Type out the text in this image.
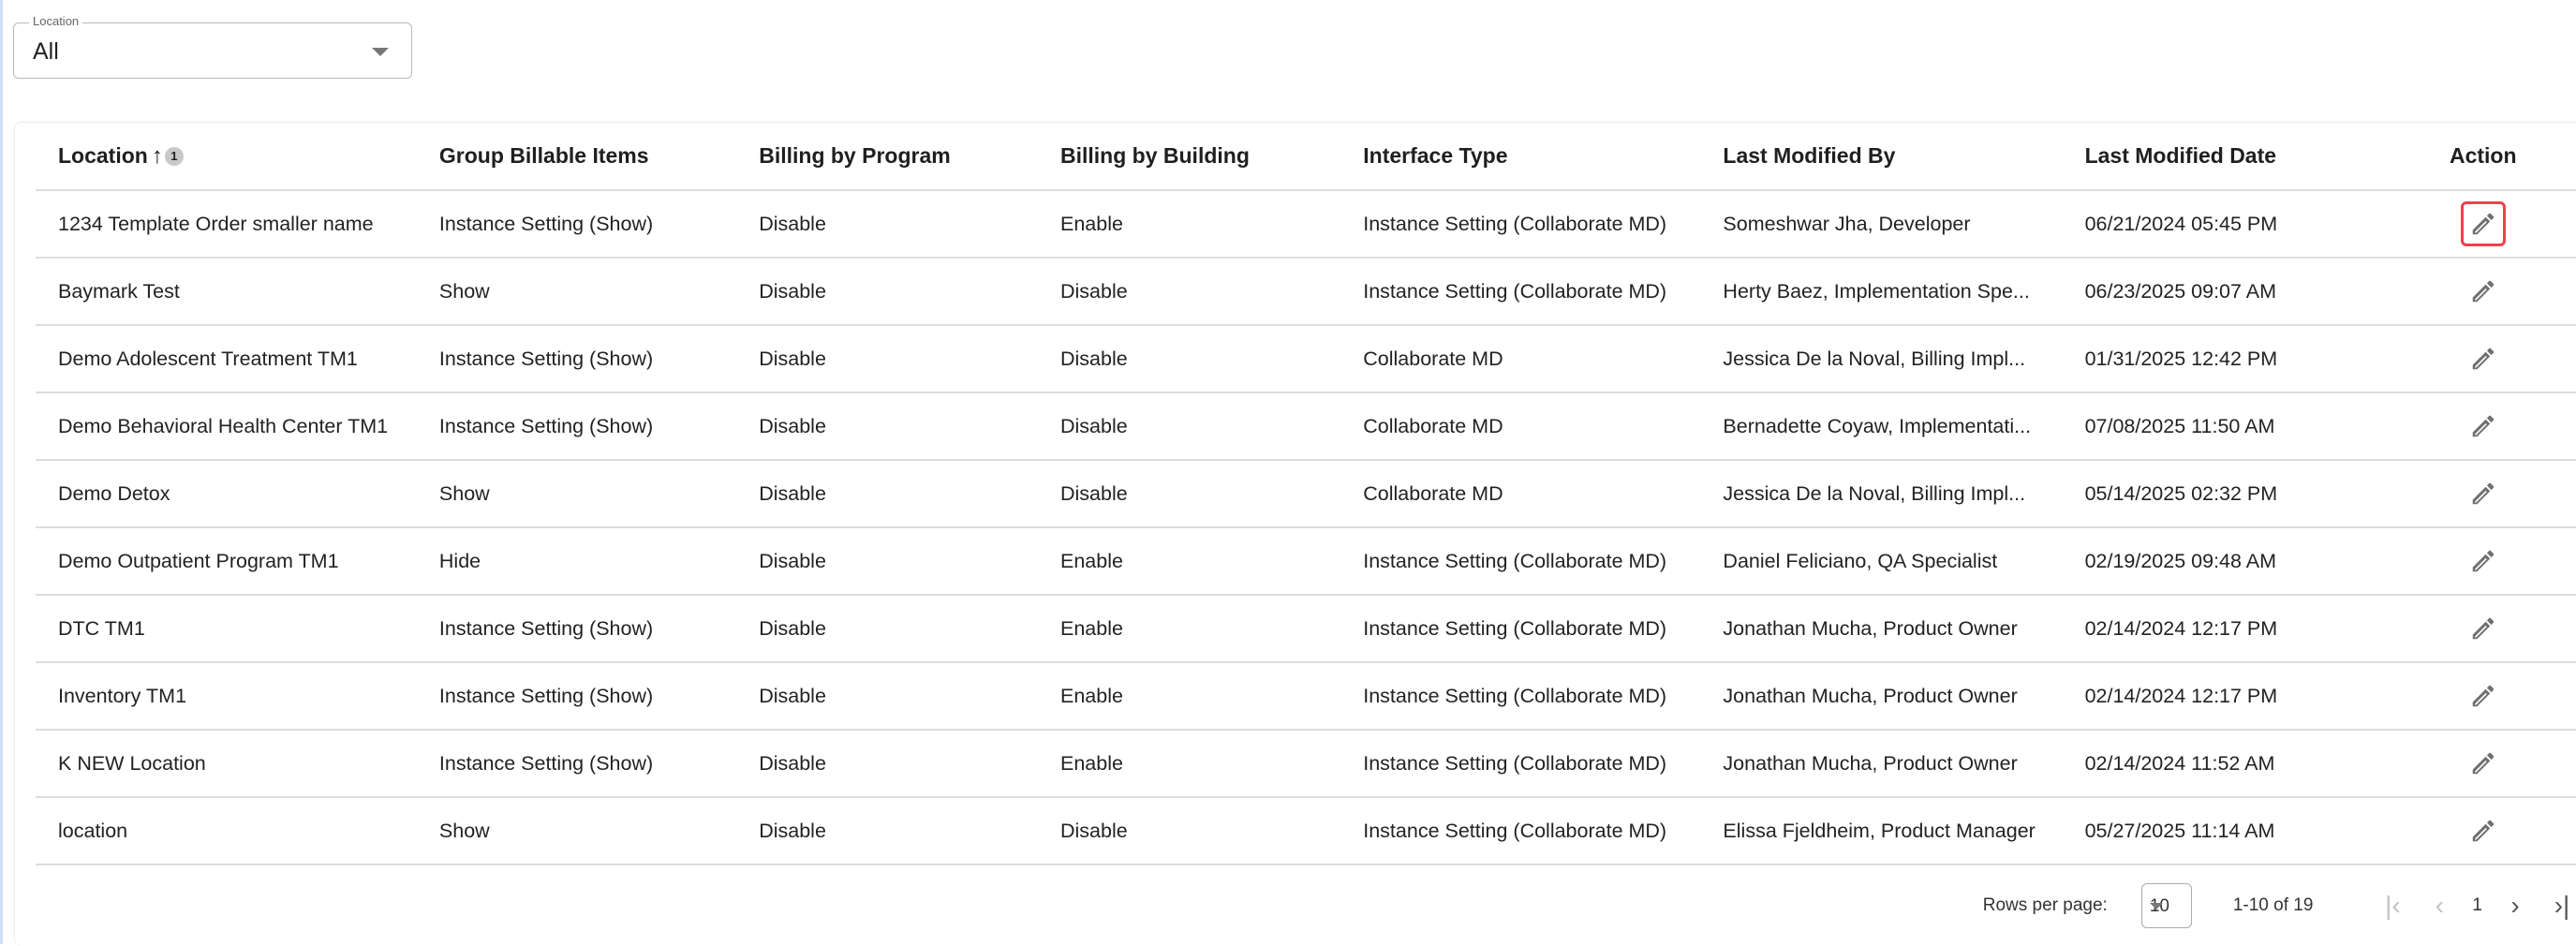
Location
All
Location ↑ 1	Group Billable Items	Billing by Program	Billing by Building	Interface Type	Last Modified By	Last Modified Date	Action
1234 Template Order smaller name	Instance Setting (Show)	Disable	Enable	Instance Setting (Collaborate MD)	Someshwar Jha, Developer	06/21/2024 05:45 PM	

Baymark Test	Show	Disable	Disable	Instance Setting (Collaborate MD)	Herty Baez, Implementation Spe...	06/23/2025 09:07 AM	

Demo Adolescent Treatment TM1	Instance Setting (Show)	Disable	Disable	Collaborate MD	Jessica De la Noval, Billing Impl...	01/31/2025 12:42 PM	

Demo Behavioral Health Center TM1	Instance Setting (Show)	Disable	Disable	Collaborate MD	Bernadette Coyaw, Implementati...	07/08/2025 11:50 AM	

Demo Detox	Show	Disable	Disable	Collaborate MD	Jessica De la Noval, Billing Impl...	05/14/2025 02:32 PM	

Demo Outpatient Program TM1	Hide	Disable	Enable	Instance Setting (Collaborate MD)	Daniel Feliciano, QA Specialist	02/19/2025 09:48 AM	

DTC TM1	Instance Setting (Show)	Disable	Enable	Instance Setting (Collaborate MD)	Jonathan Mucha, Product Owner	02/14/2024 12:17 PM	

Inventory TM1	Instance Setting (Show)	Disable	Enable	Instance Setting (Collaborate MD)	Jonathan Mucha, Product Owner	02/14/2024 12:17 PM	

K NEW Location	Instance Setting (Show)	Disable	Enable	Instance Setting (Collaborate MD)	Jonathan Mucha, Product Owner	02/14/2024 11:52 AM	

location	Show	Disable	Disable	Instance Setting (Collaborate MD)	Elissa Fjeldheim, Product Manager	05/27/2025 11:14 AM	
Rows per page: 10	1-10 of 19	|‹ ‹	1 › ›|
